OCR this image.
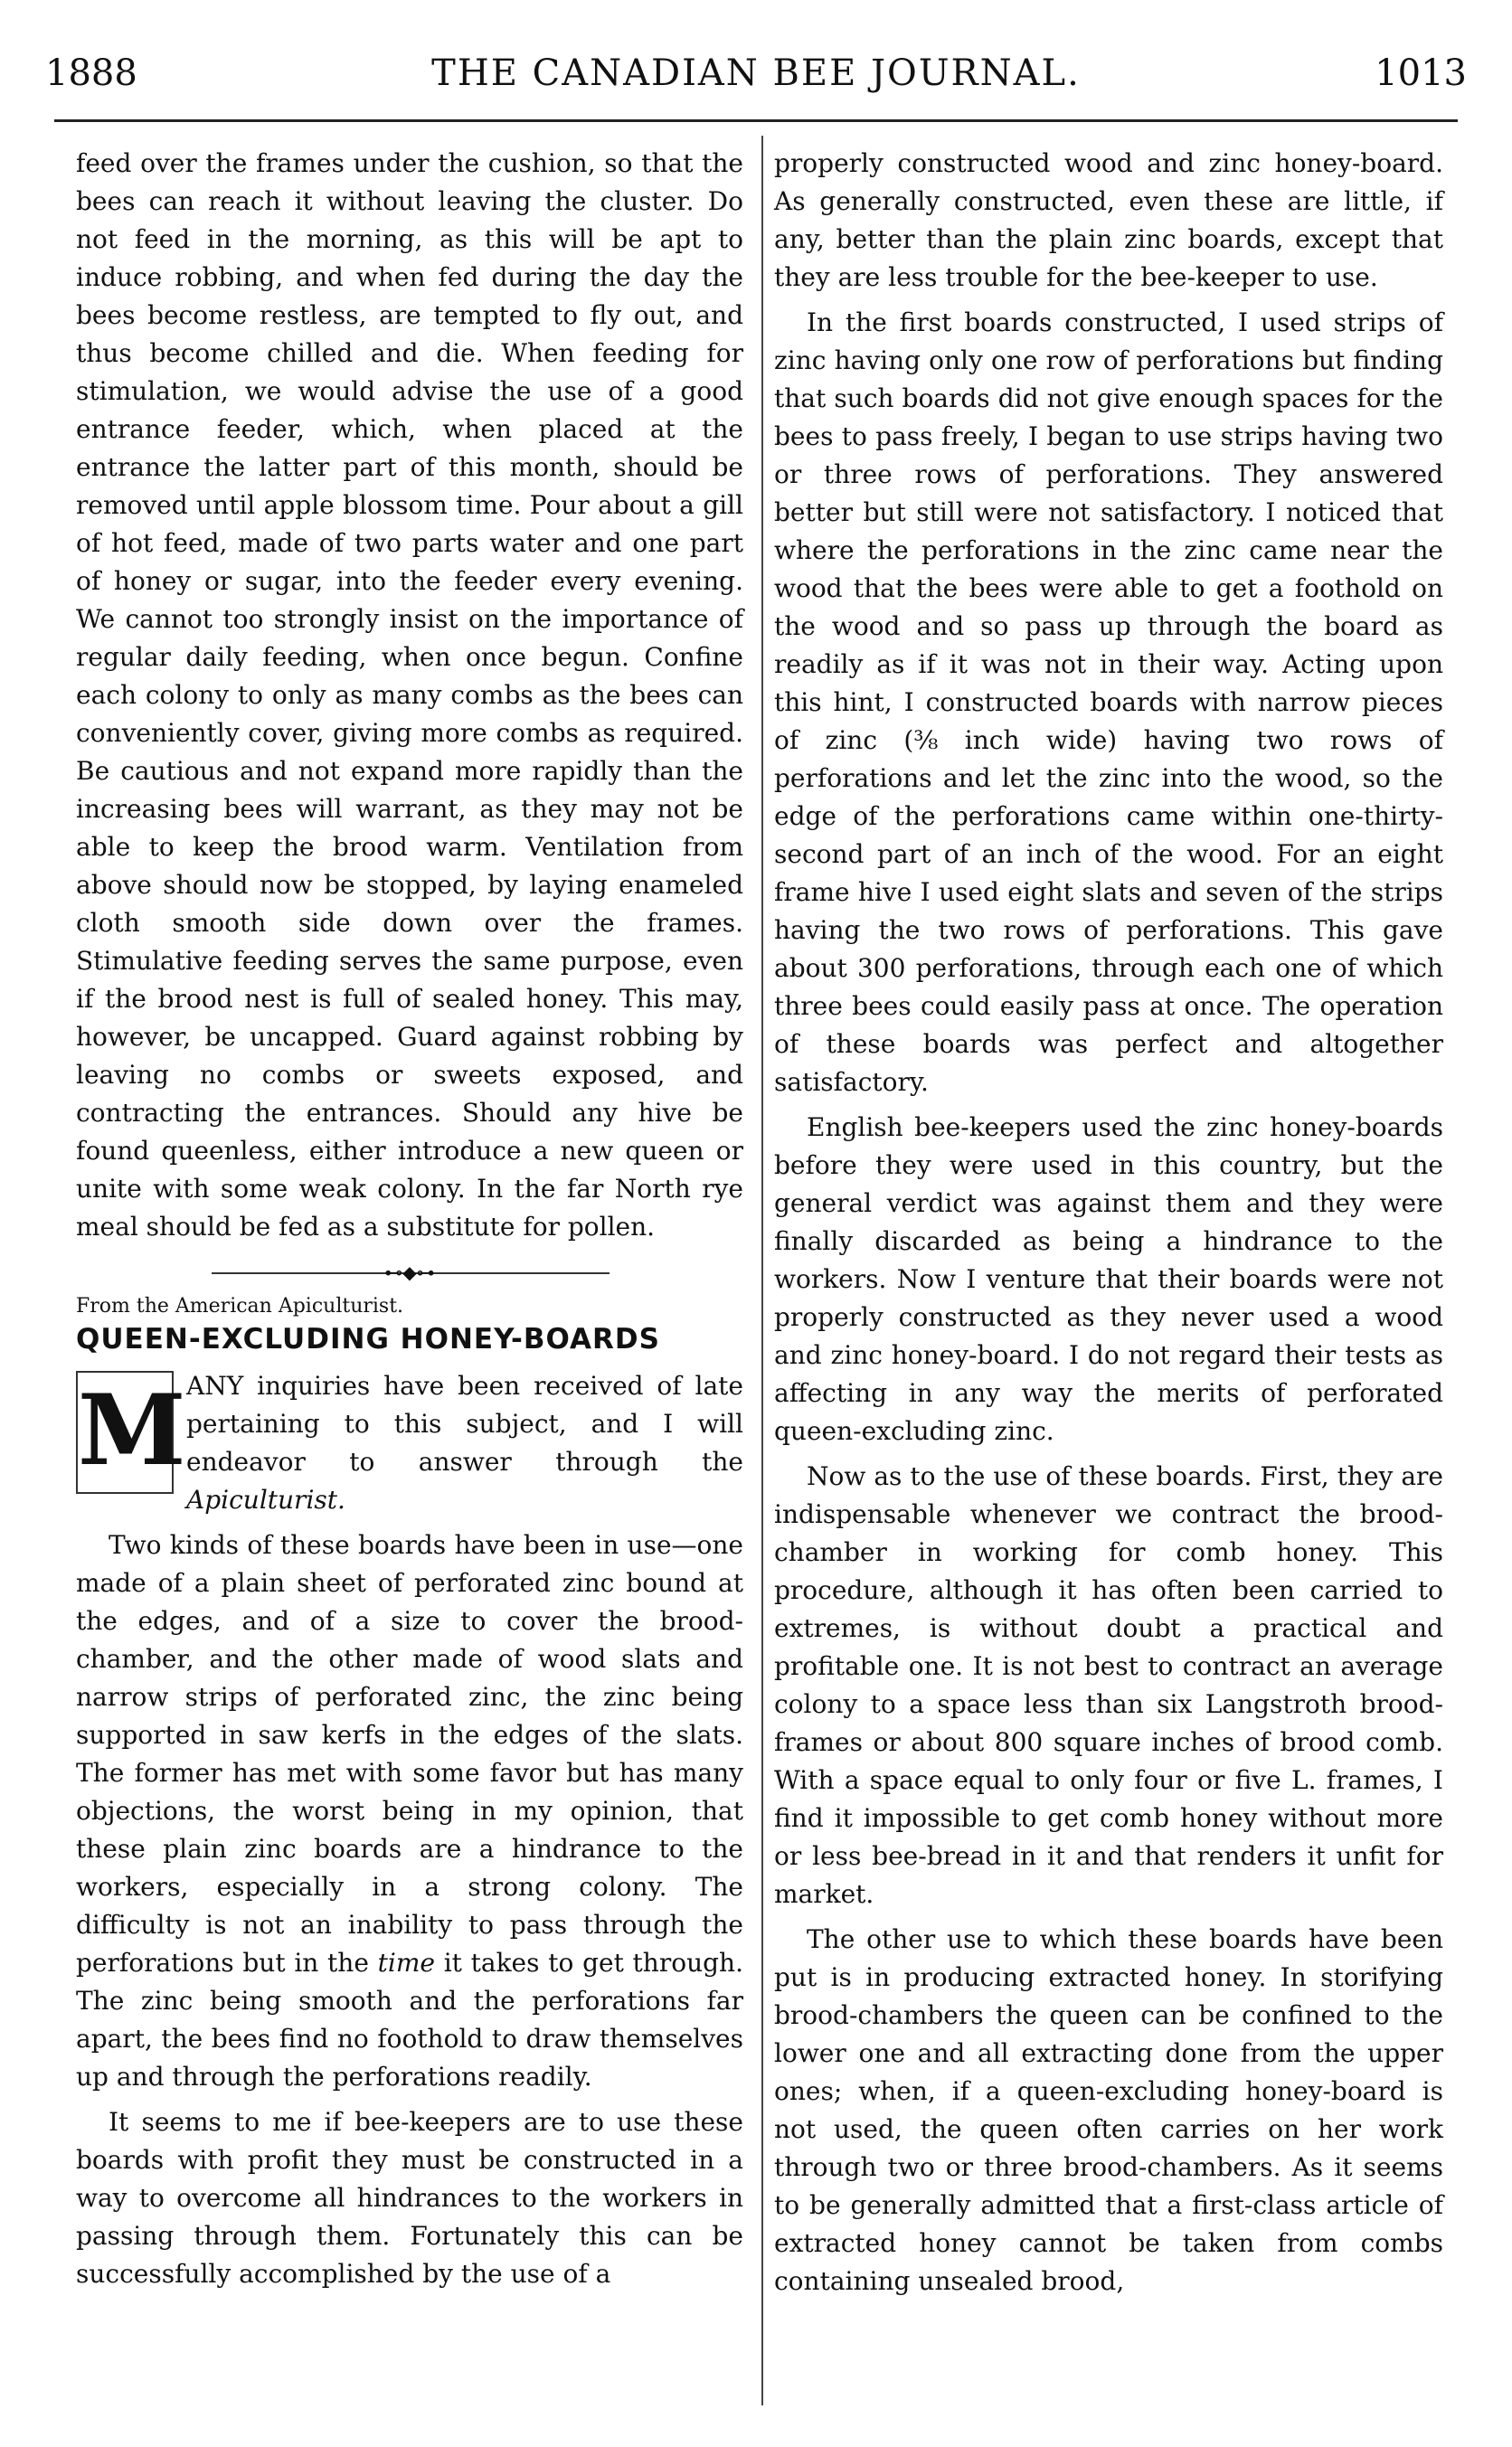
1888	THE CANADIAN BEE JOURNAL.	1013

feed over the frames under the cushion, so that the bees can reach it without leaving the cluster. Do not feed in the morning, as this will be apt to induce robbing, and when fed during the day the bees become restless, are tempted to fly out, and thus become chilled and die. When feeding for stimulation, we would advise the use of a good entrance feeder, which, when placed at the entrance the latter part of this month, should be removed until apple blossom time. Pour about a gill of hot feed, made of two parts water and one part of honey or sugar, into the feeder every evening. We cannot too strongly insist on the importance of regular daily feeding, when once begun. Confine each colony to only as many combs as the bees can conveniently cover, giving more combs as required. Be cautious and not expand more rapidly than the increasing bees will warrant, as they may not be able to keep the brood warm. Ventilation from above should now be stopped, by laying enameled cloth smooth side down over the frames. Stimulative feeding serves the same purpose, even if the brood nest is full of sealed honey. This may, however, be uncapped. Guard against robbing by leaving no combs or sweets exposed, and contracting the entrances. Should any hive be found queenless, either introduce a new queen or unite with some weak colony. In the far North rye meal should be fed as a substitute for pollen.

⊷◆⊶
From the American Apiculturist.
QUEEN-EXCLUDING HONEY-BOARDS
M ANY inquiries have been received of late pertaining to this subject, and I will endeavor to answer through the Apiculturist.

Two kinds of these boards have been in use—one made of a plain sheet of perforated zinc bound at the edges, and of a size to cover the brood-chamber, and the other made of wood slats and narrow strips of perforated zinc, the zinc being supported in saw kerfs in the edges of the slats. The former has met with some favor but has many objections, the worst being in my opinion, that these plain zinc boards are a hindrance to the workers, especially in a strong colony. The difficulty is not an inability to pass through the perforations but in the time it takes to get through. The zinc being smooth and the perforations far apart, the bees find no foothold to draw themselves up and through the perforations readily.

It seems to me if bee-keepers are to use these boards with profit they must be constructed in a way to overcome all hindrances to the workers in passing through them. Fortunately this can be successfully accomplished by the use of a

properly constructed wood and zinc honey-board. As generally constructed, even these are little, if any, better than the plain zinc boards, except that they are less trouble for the bee-keeper to use.

In the first boards constructed, I used strips of zinc having only one row of perforations but finding that such boards did not give enough spaces for the bees to pass freely, I began to use strips having two or three rows of perforations. They answered better but still were not satisfactory. I noticed that where the perforations in the zinc came near the wood that the bees were able to get a foothold on the wood and so pass up through the board as readily as if it was not in their way. Acting upon this hint, I constructed boards with narrow pieces of zinc (⅜ inch wide) having two rows of perforations and let the zinc into the wood, so the edge of the perforations came within one-thirty-second part of an inch of the wood. For an eight frame hive I used eight slats and seven of the strips having the two rows of perforations. This gave about 300 perforations, through each one of which three bees could easily pass at once. The operation of these boards was perfect and altogether satisfactory.

English bee-keepers used the zinc honey-boards before they were used in this country, but the general verdict was against them and they were finally discarded as being a hindrance to the workers. Now I venture that their boards were not properly constructed as they never used a wood and zinc honey-board. I do not regard their tests as affecting in any way the merits of perforated queen-excluding zinc.

Now as to the use of these boards. First, they are indispensable whenever we contract the brood-chamber in working for comb honey. This procedure, although it has often been carried to extremes, is without doubt a practical and profitable one. It is not best to contract an average colony to a space less than six Langstroth brood-frames or about 800 square inches of brood comb. With a space equal to only four or five L. frames, I find it impossible to get comb honey without more or less bee-bread in it and that renders it unfit for market.

The other use to which these boards have been put is in producing extracted honey. In storifying brood-chambers the queen can be confined to the lower one and all extracting done from the upper ones; when, if a queen-excluding honey-board is not used, the queen often carries on her work through two or three brood-chambers. As it seems to be generally admitted that a first-class article of extracted honey cannot be taken from combs containing unsealed brood,
